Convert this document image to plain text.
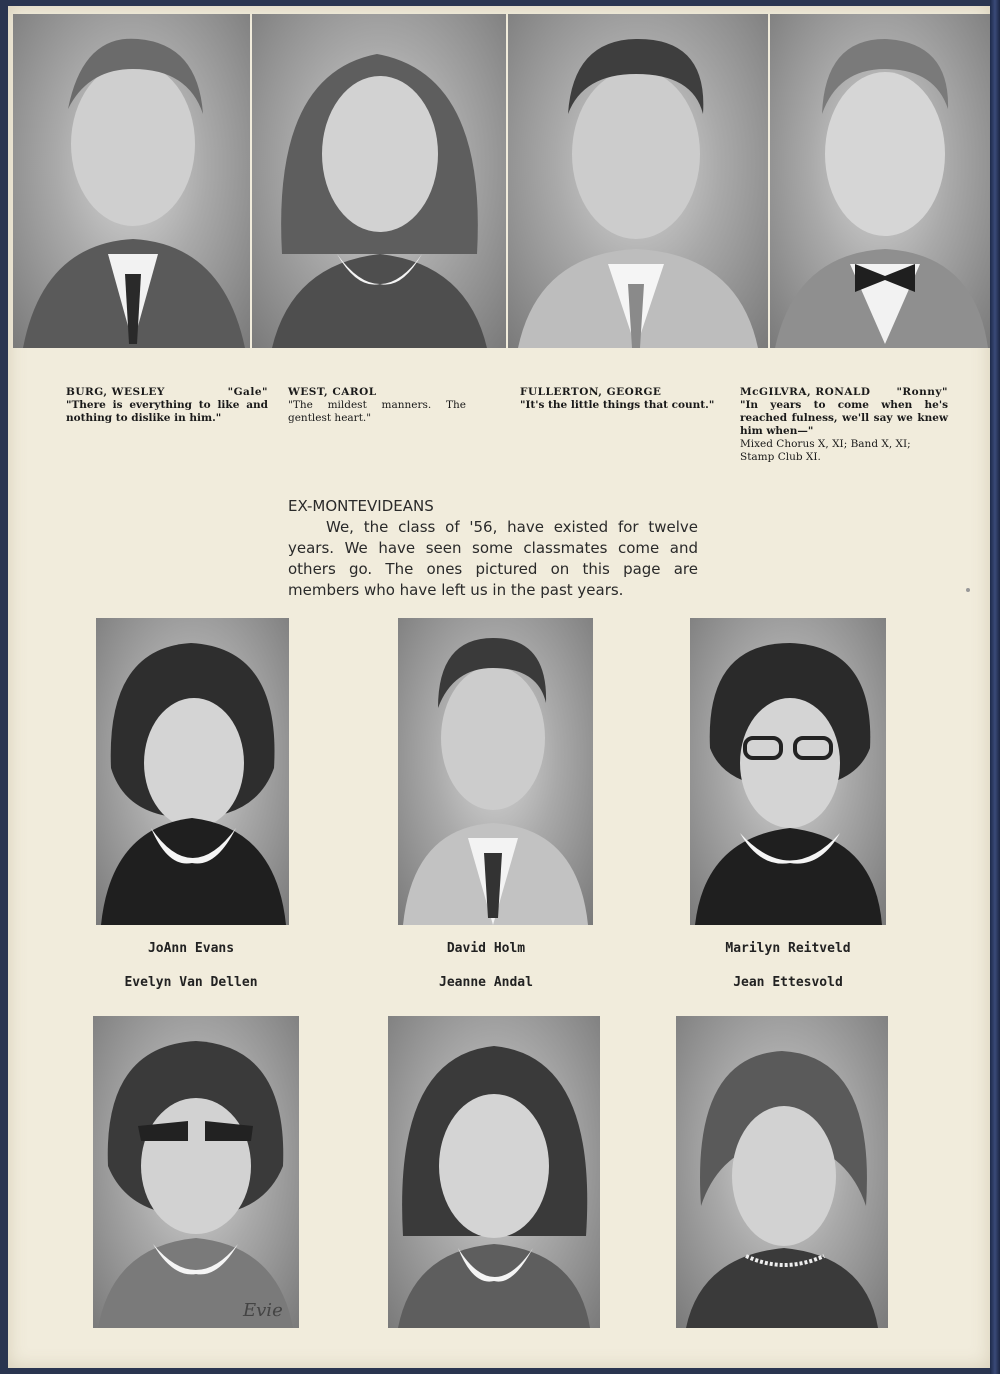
BURG, WESLEY	"Gale"
"There is everything to like and nothing to dislike in him."
WEST, CAROL
"The mildest manners. The gentlest heart."
FULLERTON, GEORGE
"It's the little things that count."
McGILVRA, RONALD "Ronny"
"In years to come when he's reached fulness, we'll say we knew him when—"
Mixed Chorus X, XI; Band X, XI; Stamp Club XI.
EX-MONTEVIDEANS
We, the class of '56, have existed for twelve years. We have seen some classmates come and others go. The ones pictured on this page are members who have left us in the past years.
JoAnn Evans	David Holm	Marilyn Reitveld
Evelyn Van Dellen	Jeanne Andal	Jean Ettesvold
Evie
